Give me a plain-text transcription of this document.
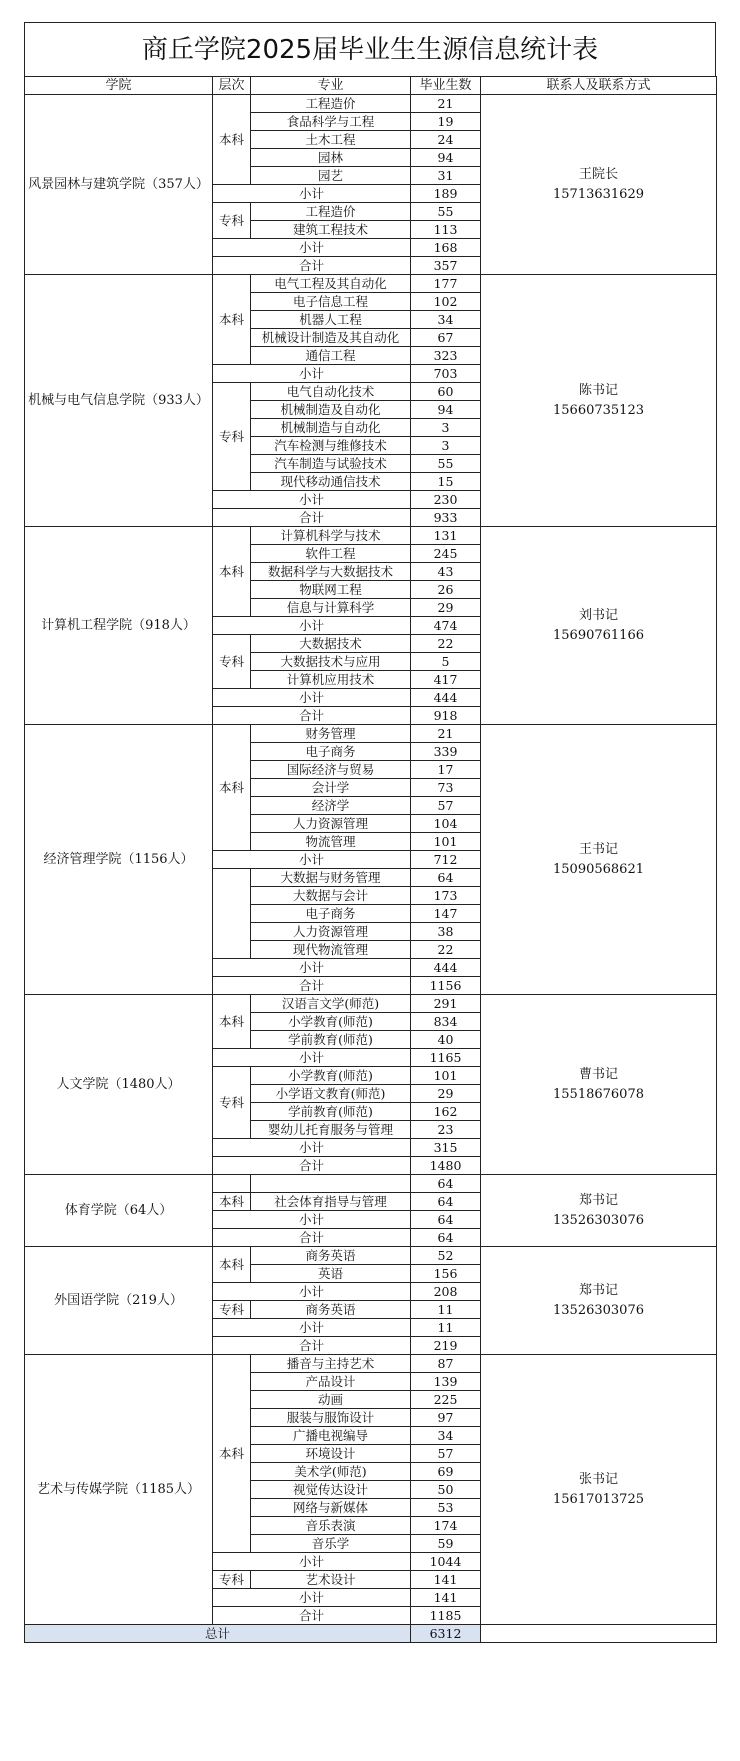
商丘学院2025届毕业生生源信息统计表
学院	层次	专业	毕业生数	联系人及联系方式
风景园林与建筑学院（357人）	本科	工程造价	21	王院长
15713631629

		食品科学与工程	19	
		土木工程	24	
		园林	94	
		园艺	31	
	小计		189	
	专科	工程造价	55	
		建筑工程技术	113	
	小计		168	
	合计		357	
机械与电气信息学院（933人）	本科	电气工程及其自动化	177	陈书记
15660735123

		电子信息工程	102	
		机器人工程	34	
		机械设计制造及其自动化	67	
		通信工程	323	
	小计		703	
	专科	电气自动化技术	60	
		机械制造及自动化	94	
		机械制造与自动化	3	
		汽车检测与维修技术	3	
		汽车制造与试验技术	55	
		现代移动通信技术	15	
	小计		230	
	合计		933	
计算机工程学院（918人）	本科	计算机科学与技术	131	刘书记
15690761166

		软件工程	245	
		数据科学与大数据技术	43	
		物联网工程	26	
		信息与计算科学	29	
	小计		474	
	专科	大数据技术	22	
		大数据技术与应用	5	
		计算机应用技术	417	
	小计		444	
	合计		918	
经济管理学院（1156人）	本科	财务管理	21	王书记
15090568621

		电子商务	339	
		国际经济与贸易	17	
		会计学	73	
		经济学	57	
		人力资源管理	104	
		物流管理	101	
	小计		712	
		大数据与财务管理	64	
		大数据与会计	173	
		电子商务	147	
		人力资源管理	38	
		现代物流管理	22	
	小计		444	
	合计		1156	
人文学院（1480人）	本科	汉语言文学(师范)	291	曹书记
15518676078

		小学教育(师范)	834	
		学前教育(师范)	40	
	小计		1165	
	专科	小学教育(师范)	101	
		小学语文教育(师范)	29	
		学前教育(师范)	162	
		婴幼儿托育服务与管理	23	
	小计		315	
	合计		1480	
体育学院（64人）			64	郑书记
13526303076

	本科	社会体育指导与管理	64	
	小计		64	
	合计		64	
外国语学院（219人）	本科	商务英语	52	郑书记
13526303076

		英语	156	
	小计		208	
	专科	商务英语	11	
	小计		11	
	合计		219	
艺术与传媒学院（1185人）	本科	播音与主持艺术	87	张书记
15617013725

		产品设计	139	
		动画	225	
		服装与服饰设计	97	
		广播电视编导	34	
		环境设计	57	
		美术学(师范)	69	
		视觉传达设计	50	
		网络与新媒体	53	
		音乐表演	174	
		音乐学	59	
	小计		1044	
	专科	艺术设计	141	
	小计		141	
	合计		1185	
总计			6312	
